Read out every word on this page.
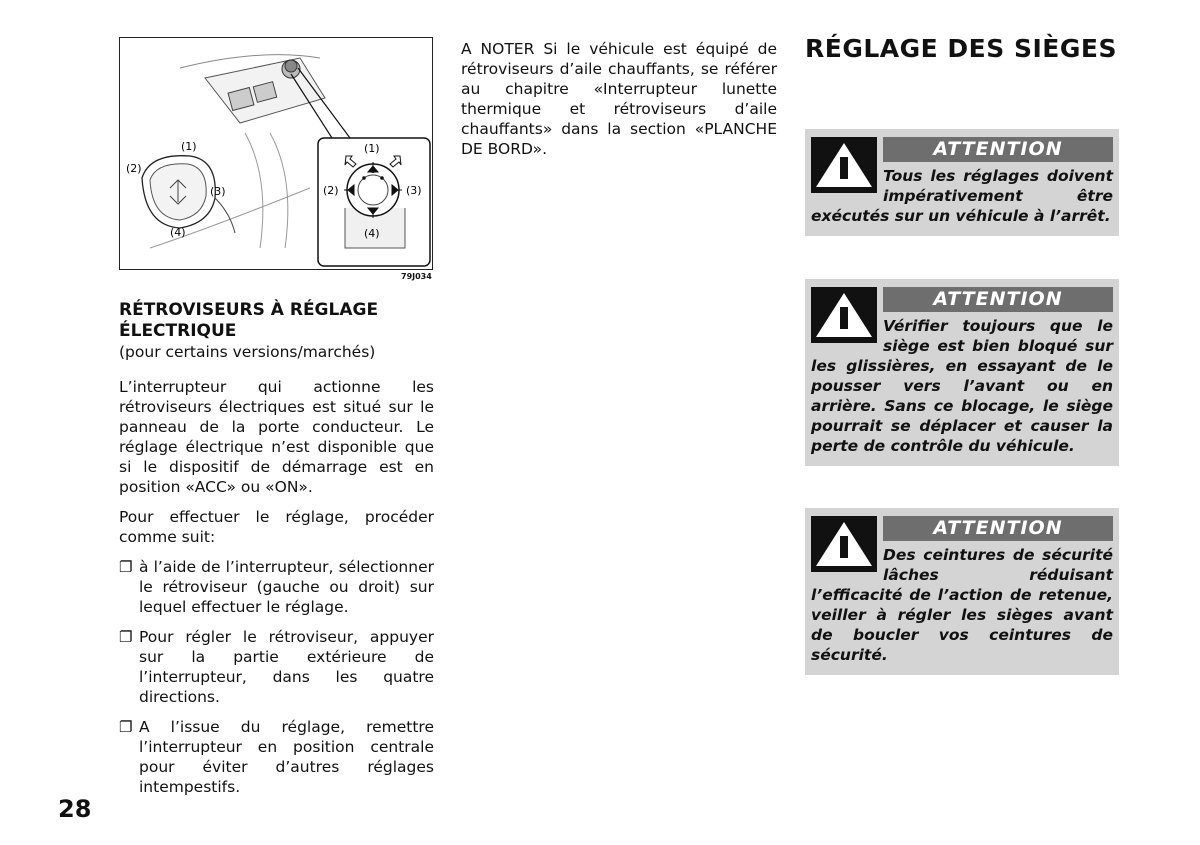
(1)
(2)
(3)
(4)
(1)
(2)	(3)
(4)
79J034
RÉTROVISEURS À RÉGLAGE ÉLECTRIQUE
(pour certains versions/marchés)

L’interrupteur qui actionne les rétroviseurs électriques est situé sur le panneau de la porte conducteur. Le réglage électrique n’est disponible que si le dispositif de démarrage est en position «ACC» ou «ON».

Pour effectuer le réglage, procéder comme suit:

❐ à l’aide de l’interrupteur, sélectionner le rétroviseur (gauche ou droit) sur lequel effectuer le réglage.
❐ Pour régler le rétroviseur, appuyer sur la partie extérieure de l’interrupteur, dans les quatre directions.
❐ A l’issue du réglage, remettre l’interrupteur en position centrale pour éviter d’autres réglages intempestifs.

A NOTER Si le véhicule est équipé de rétroviseurs d’aile chauffants, se référer au chapitre «Interrupteur lunette thermique et rétroviseurs d’aile chauffants» dans la section «PLANCHE DE BORD».

RÉGLAGE DES SIÈGES
ATTENTION

Tous les réglages doivent impérativement être exécutés sur un véhicule à l’arrêt.

ATTENTION

Vérifier toujours que le siège est bien bloqué sur les glissières, en essayant de le pousser vers l’avant ou en arrière. Sans ce blocage, le siège pourrait se déplacer et causer la perte de contrôle du véhicule.

ATTENTION

Des ceintures de sécurité lâches réduisant l’efficacité de l’action de retenue, veiller à régler les sièges avant de boucler vos ceintures de sécurité.

28
